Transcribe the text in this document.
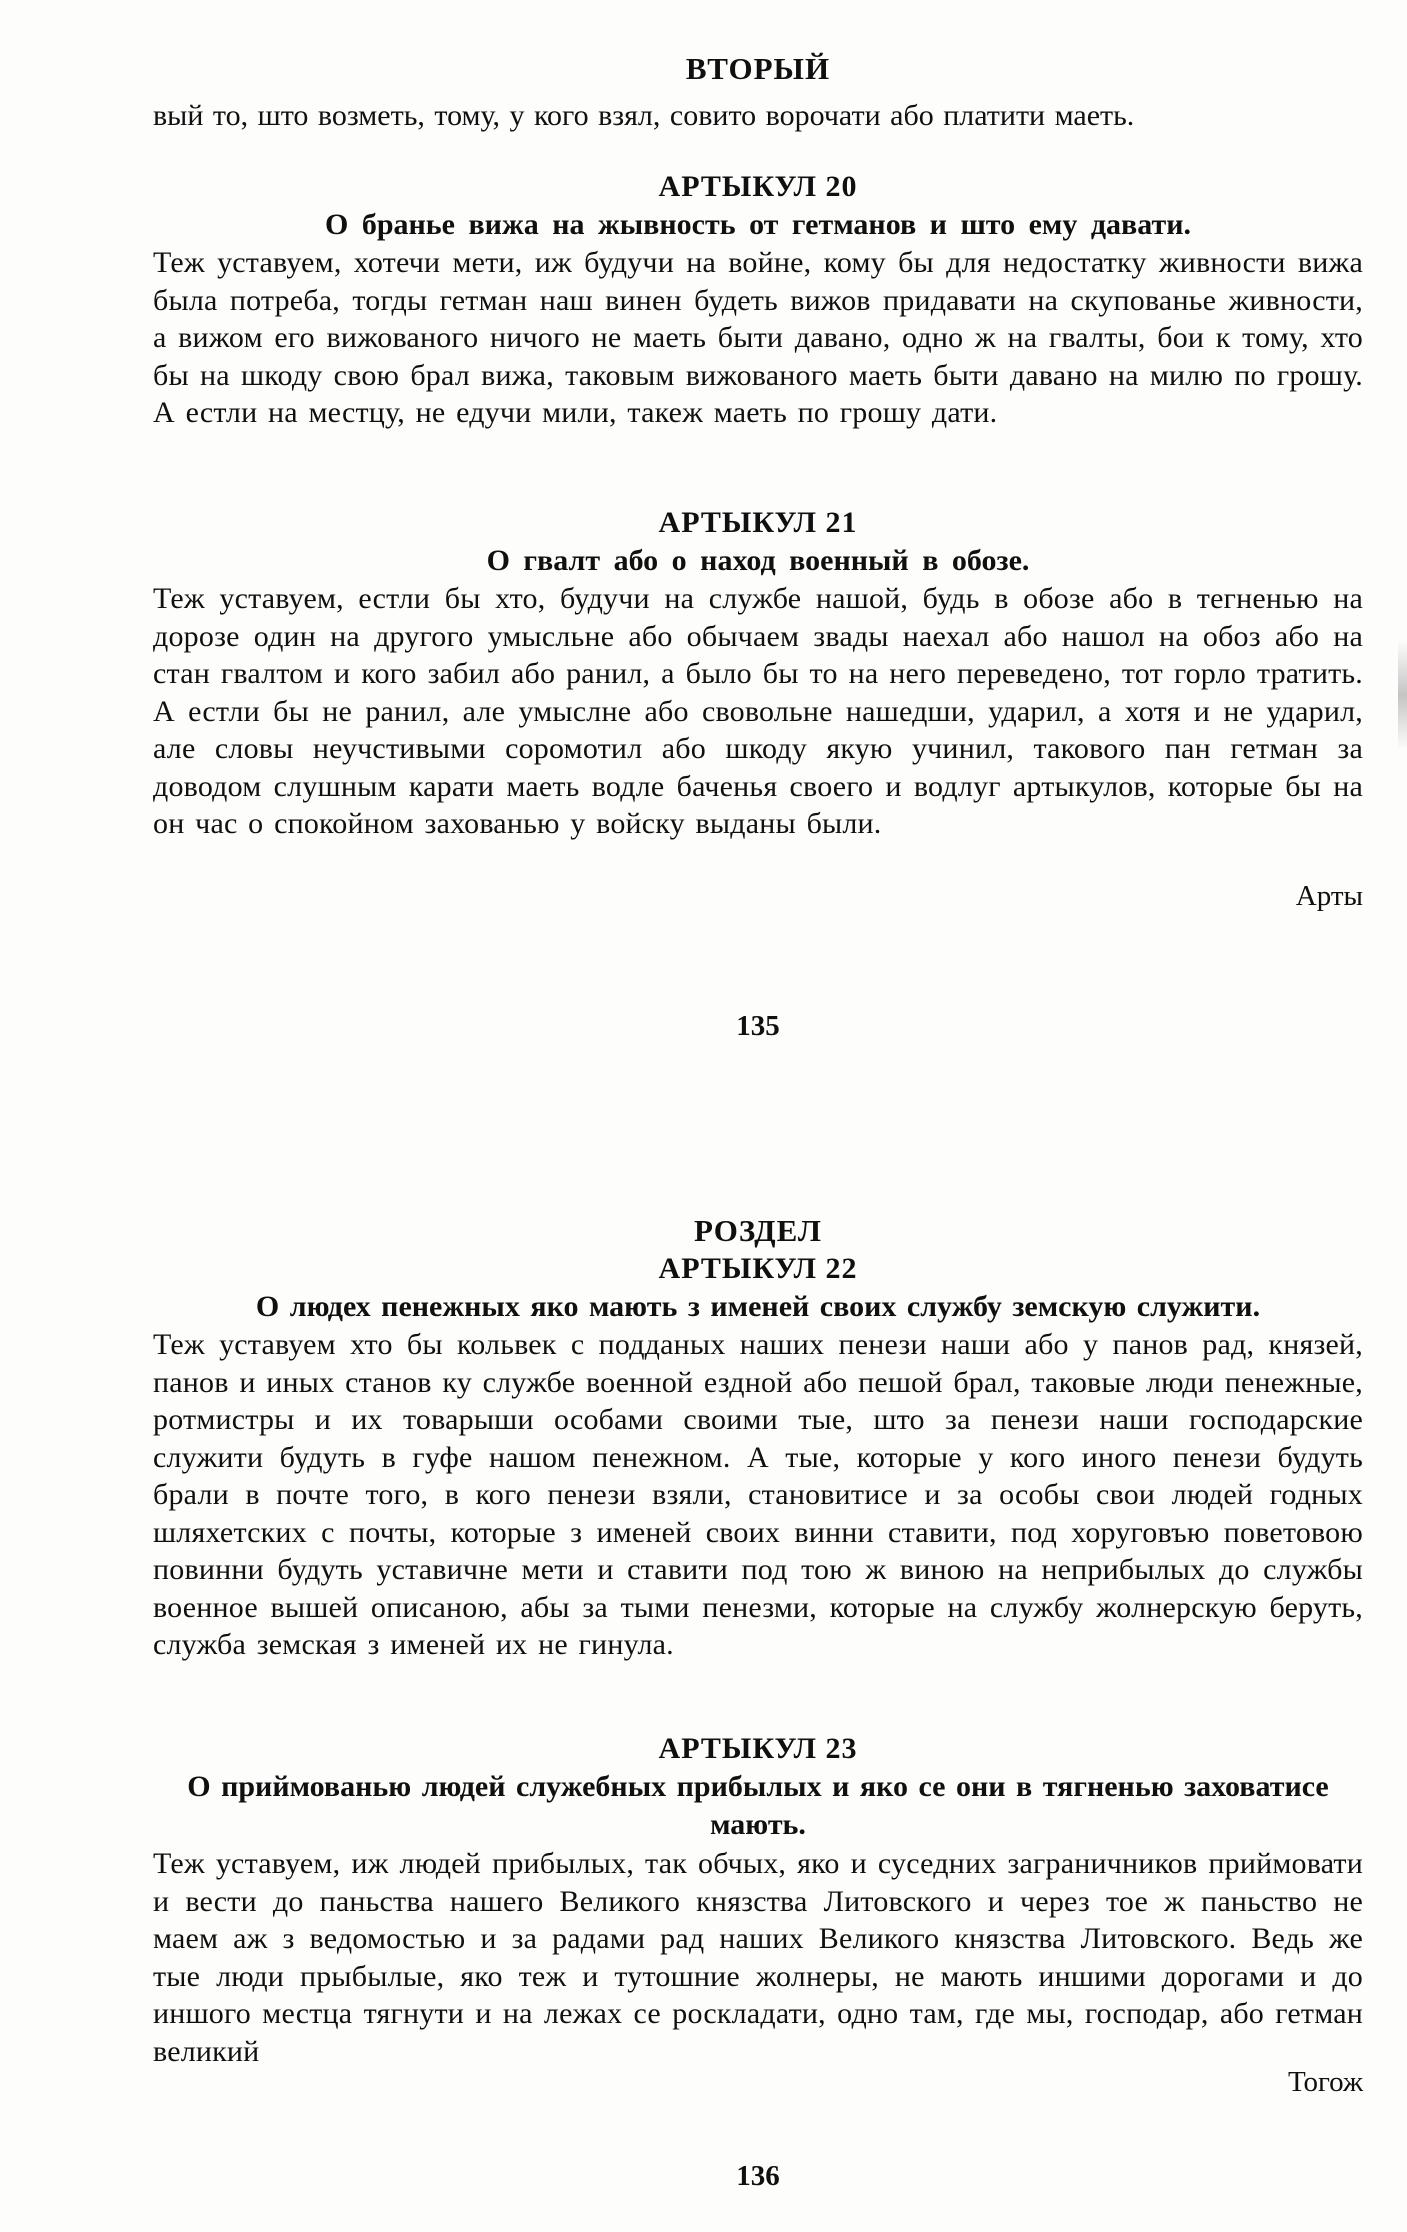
ВТОРЫЙ
вый то, што возметь, тому, у кого взял, совито ворочати або платити маеть.
АРТЫКУЛ 20
О бранье вижа на жывность от гетманов и што ему давати.
Теж уставуем, хотечи мети, иж будучи на войне, кому бы для недостатку живности вижа была потреба, тогды гетман наш винен будеть вижов придавати на скупованье живности, а вижом его вижованого ничого не маеть быти давано, одно ж на гвалты, бои к тому, хто бы на шкоду свою брал вижа, таковым вижованого маеть быти давано на милю по грошу. А естли на местцу, не едучи мили, такеж маеть по грошу дати.
АРТЫКУЛ 21
О гвалт або о наход военный в обозе.
Теж уставуем, естли бы хто, будучи на службе нашой, будь в обозе або в тегненью на дорозе один на другого умысльне або обычаем звады наехал або нашол на обоз або на стан гвалтом и кого забил або ранил, а было бы то на него переведено, тот горло тратить. А естли бы не ранил, але умыслне або свовольне нашедши, ударил, а хотя и не ударил, але словы неучстивыми соромотил або шкоду якую учинил, такового пан гетман за доводом слушным карати маеть водле баченья своего и водлуг артыкулов, которые бы на он час о спокойном захованью у войску выданы были.
Арты
135
РОЗДЕЛ
АРТЫКУЛ 22
О людех пенежных яко мають з именей своих службу земскую служити.
Теж уставуем хто бы кольвек с подданых наших пенези наши або у панов рад, князей, панов и иных станов ку службе военной ездной або пешой брал, таковые люди пенежные, ротмистры и их товарыши особами своими тые, што за пенези наши господарские служити будуть в гуфе нашом пенежном. А тые, которые у кого иного пенези будуть брали в почте того, в кого пенези взяли, становитисе и за особы свои людей годных шляхетских с почты, которые з именей своих винни ставити, под хоруговъю поветовою повинни будуть уставичне мети и ставити под тою ж виною на неприбылых до службы военное вышей описаною, абы за тыми пенезми, которые на службу жолнерскую беруть, служба земская з именей их не гинула.
АРТЫКУЛ 23
О приймованью людей служебных прибылых и яко се они в тягненью заховатисе мають.
Теж уставуем, иж людей прибылых, так обчых, яко и суседних заграничников приймовати и вести до паньства нашего Великого князства Литовского и через тое ж паньство не маем аж з ведомостью и за радами рад наших Великого князства Литовского. Ведь же тые люди прыбылые, яко теж и тутошние жолнеры, не мають иншими дорогами и до иншого местца тягнути и на лежах се роскладати, одно там, где мы, господар, або гетман великий
Тогож
136
